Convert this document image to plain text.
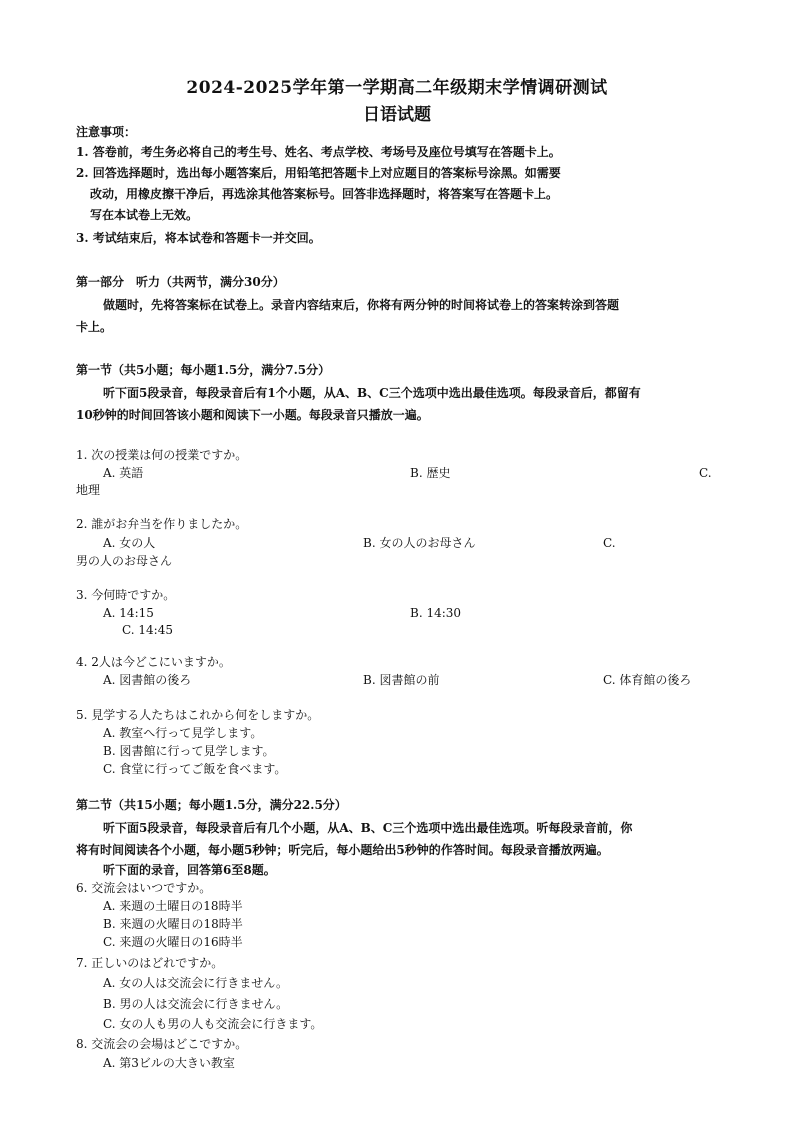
2024-2025学年第一学期高二年级期末学情调研测试
日语试题
注意事项：
1. 答卷前，考生务必将自己的考生号、姓名、考点学校、考场号及座位号填写在答题卡上。
2. 回答选择题时，选出每小题答案后，用铅笔把答题卡上对应题目的答案标号涂黑。如需要
改动，用橡皮擦干净后，再选涂其他答案标号。回答非选择题时，将答案写在答题卡上。
写在本试卷上无效。
3. 考试结束后，将本试卷和答题卡一并交回。
第一部分　听力（共两节，满分30分）
做题时，先将答案标在试卷上。录音内容结束后，你将有两分钟的时间将试卷上的答案转涂到答题
卡上。
第一节（共5小题；每小题1.5分，满分7.5分）
听下面5段录音，每段录音后有1个小题，从A、B、C三个选项中选出最佳选项。每段录音后，都留有
10秒钟的时间回答该小题和阅读下一小题。每段录音只播放一遍。
1. 次の授業は何の授業ですか。
A. 英語	B. 歴史	C.
地理
2. 誰がお弁当を作りましたか。
A. 女の人	B. 女の人のお母さん	C.
男の人のお母さん
3. 今何時ですか。
A. 14:15	B. 14:30
C. 14:45
4. 2人は今どこにいますか。
A. 図書館の後ろ	B. 図書館の前	C. 体育館の後ろ
5. 見学する人たちはこれから何をしますか。
A. 教室へ行って見学します。
B. 図書館に行って見学します。
C. 食堂に行ってご飯を食べます。
第二节（共15小题；每小题1.5分，满分22.5分）
听下面5段录音，每段录音后有几个小题，从A、B、C三个选项中选出最佳选项。听每段录音前，你
将有时间阅读各个小题，每小题5秒钟；听完后，每小题给出5秒钟的作答时间。每段录音播放两遍。
听下面的录音，回答第6至8题。
6. 交流会はいつですか。
A. 来週の土曜日の18時半
B. 来週の火曜日の18時半
C. 来週の火曜日の16時半
7. 正しいのはどれですか。
A. 女の人は交流会に行きません。
B. 男の人は交流会に行きません。
C. 女の人も男の人も交流会に行きます。
8. 交流会の会場はどこですか。
A. 第3ビルの大きい教室
